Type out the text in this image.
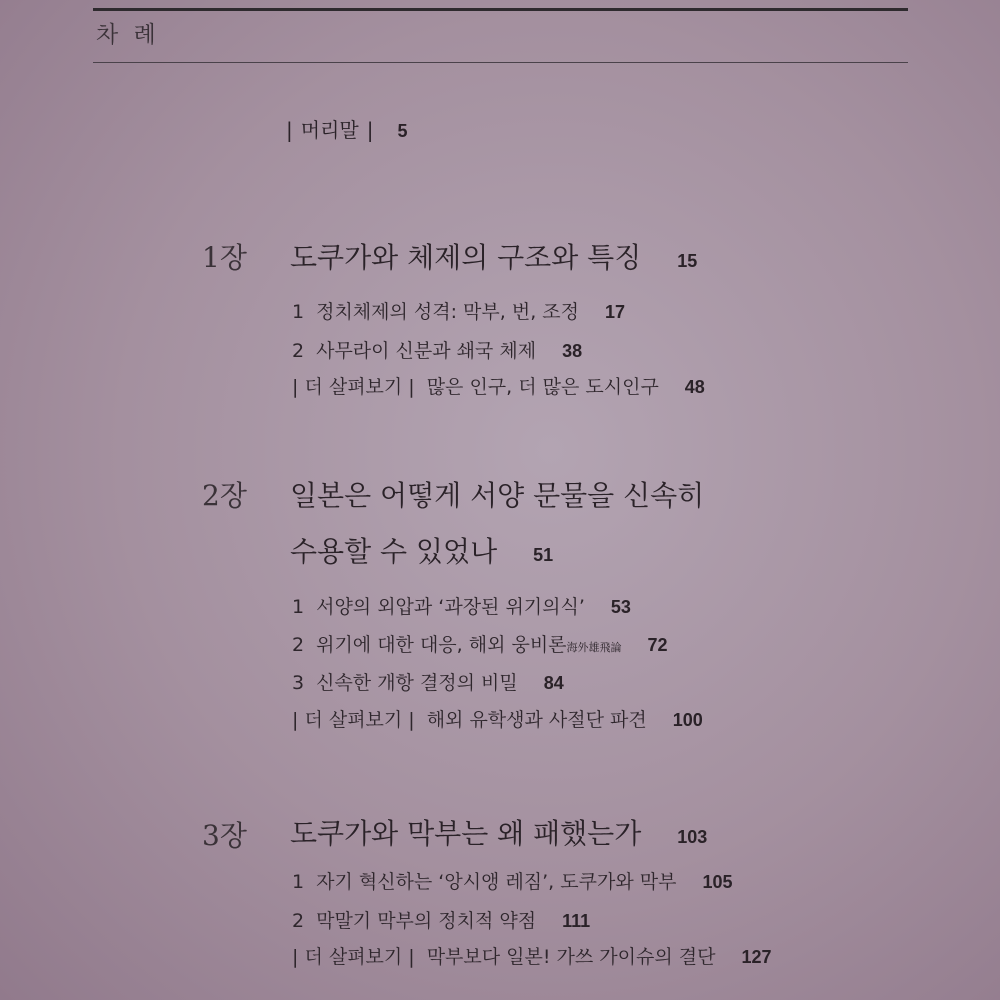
차 례
| 머리말 | 5
1장 도쿠가와 체제의 구조와 특징 15
1 정치체제의 성격: 막부, 번, 조정 17
2 사무라이 신분과 쇄국 체제 38
| 더 살펴보기 | 많은 인구, 더 많은 도시인구 48
2장 일본은 어떻게 서양 문물을 신속히
수용할 수 있었나 51
1 서양의 외압과 ‘과장된 위기의식’ 53
2 위기에 대한 대응, 해외 웅비론 海外雄飛論 72
3 신속한 개항 결정의 비밀 84
| 더 살펴보기 | 해외 유학생과 사절단 파견 100
3장 도쿠가와 막부는 왜 패했는가 103
1 자기 혁신하는 ‘앙시앵 레짐’, 도쿠가와 막부 105
2 막말기 막부의 정치적 약점 111
| 더 살펴보기 | 막부보다 일본! 가쓰 가이슈의 결단 127
